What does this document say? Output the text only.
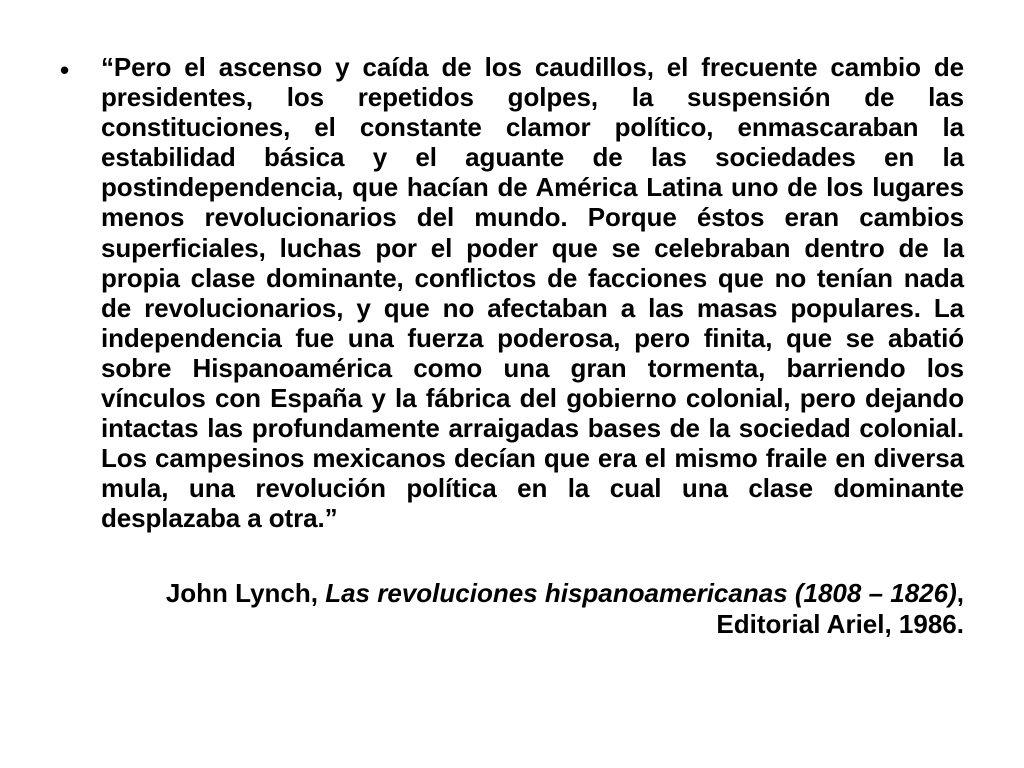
• “Pero el ascenso y caída de los caudillos, el frecuente cambio de presidentes, los repetidos golpes, la suspensión de las constituciones, el constante clamor político, enmascaraban la estabilidad básica y el aguante de las sociedades en la postindependencia, que hacían de América Latina uno de los lugares menos revolucionarios del mundo. Porque éstos eran cambios superficiales, luchas por el poder que se celebraban dentro de la propia clase dominante, conflictos de facciones que no tenían nada de revolucionarios, y que no afectaban a las masas populares. La independencia fue una fuerza poderosa, pero finita, que se abatió sobre Hispanoamérica como una gran tormenta, barriendo los vínculos con España y la fábrica del gobierno colonial, pero dejando intactas las profundamente arraigadas bases de la sociedad colonial. Los campesinos mexicanos decían que era el mismo fraile en diversa mula, una revolución política en la cual una clase dominante desplazaba a otra.”

John Lynch, Las revoluciones hispanoamericanas (1808 – 1826),
Editorial Ariel, 1986.
